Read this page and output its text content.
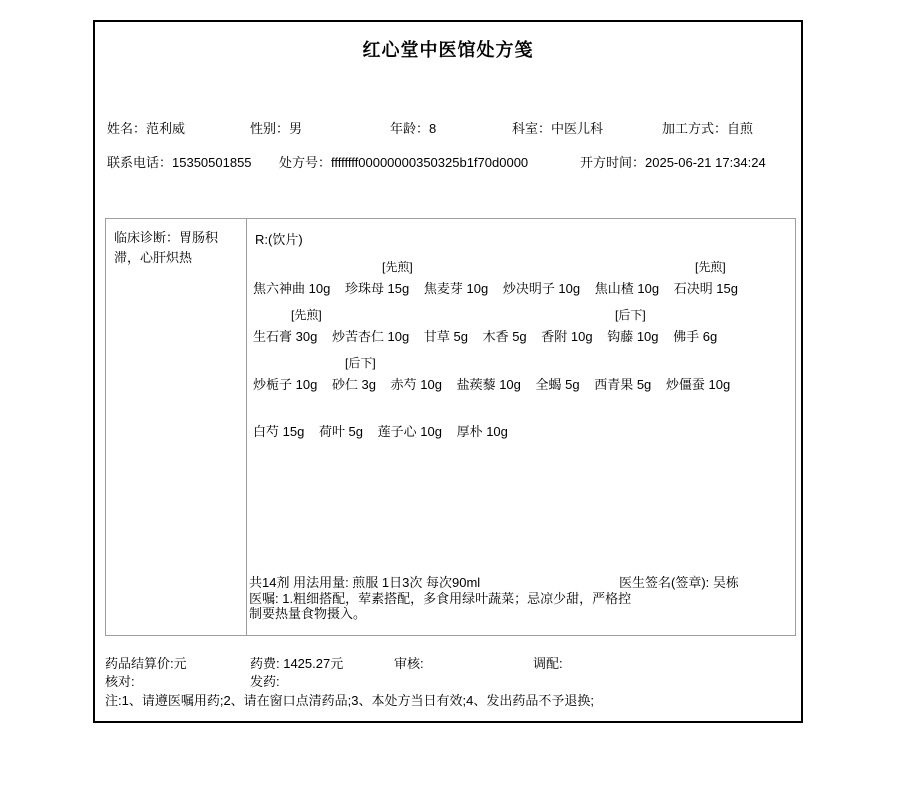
红心堂中医馆处方笺
姓名：范利威	性别：男	年龄：8	科室：中医儿科	加工方式：自煎
联系电话：15350501855 处方号：ffffffff00000000350325b1f70d0000	开方时间：2025-06-21 17:34:24
临床诊断：胃肠积滞，心肝炽热
R:(饮片)
[先煎]	[先煎]
焦六神曲 10g 珍珠母 15g 焦麦芽 10g 炒决明子 10g 焦山楂 10g 石决明 15g
[先煎]	[后下]
生石膏 30g 炒苦杏仁 10g 甘草 5g 木香 5g 香附 10g 钩藤 10g 佛手 6g
[后下]
炒栀子 10g 砂仁 3g 赤芍 10g 盐蒺藜 10g 全蝎 5g 西青果 5g 炒僵蚕 10g
白芍 15g 荷叶 5g 莲子心 10g 厚朴 10g
共14剂 用法用量: 煎服 1日3次 每次90ml	医生签名(签章): 吴栋
医嘱: 1.粗细搭配，荤素搭配，多食用绿叶蔬菜；忌凉少甜，严格控制要热量食物摄入。
药品结算价:元	药费: 1425.27元	审核:	调配:
核对:	发药:
注:1、请遵医嘱用药;2、请在窗口点清药品;3、本处方当日有效;4、发出药品不予退换;
